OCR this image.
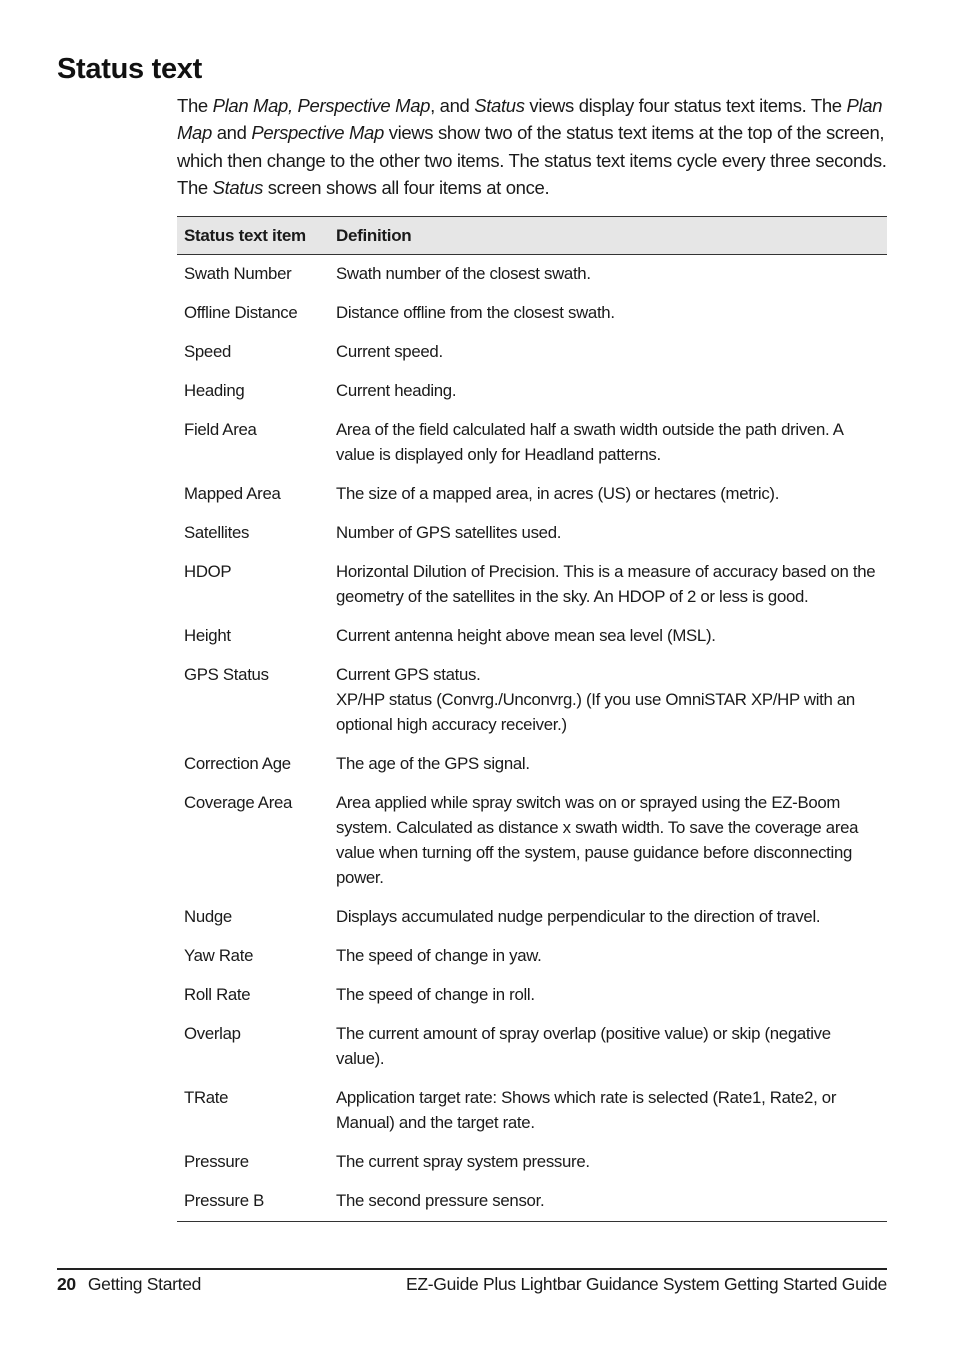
Status text

The Plan Map, Perspective Map, and Status views display four status text items. The Plan Map and Perspective Map views show two of the status text items at the top of the screen, which then change to the other two items. The status text items cycle every three seconds. The Status screen shows all four items at once.

Status text item	Definition
Swath Number	Swath number of the closest swath.

Offline Distance	Distance offline from the closest swath.

Speed	Current speed.

Heading	Current heading.

Field Area	Area of the field calculated half a swath width outside the path driven. A value is displayed only for Headland patterns.

Mapped Area	The size of a mapped area, in acres (US) or hectares (metric).

Satellites	Number of GPS satellites used.

HDOP	Horizontal Dilution of Precision. This is a measure of accuracy based on the geometry of the satellites in the sky. An HDOP of 2 or less is good.

Height	Current antenna height above mean sea level (MSL).

GPS Status	Current GPS status.
XP/HP status (Convrg./Unconvrg.) (If you use OmniSTAR XP/HP with an optional high accuracy receiver.)

Correction Age	The age of the GPS signal.

Coverage Area	Area applied while spray switch was on or sprayed using the EZ-Boom system. Calculated as distance x swath width. To save the coverage area value when turning off the system, pause guidance before disconnecting power.

Nudge	Displays accumulated nudge perpendicular to the direction of travel.

Yaw Rate	The speed of change in yaw.

Roll Rate	The speed of change in roll.

Overlap	The current amount of spray overlap (positive value) or skip (negative value).

TRate	Application target rate: Shows which rate is selected (Rate1, Rate2, or Manual) and the target rate.

Pressure	The current spray system pressure.

Pressure B	The second pressure sensor.
20 Getting Started	EZ-Guide Plus Lightbar Guidance System Getting Started Guide
